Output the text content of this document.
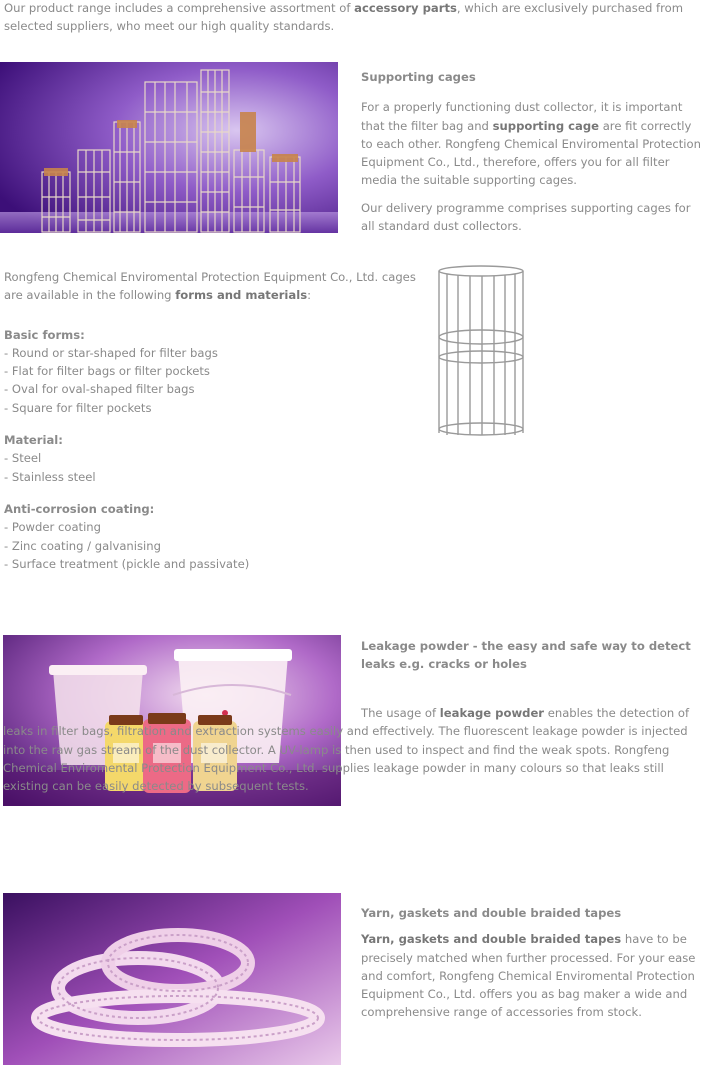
Our product range includes a comprehensive assortment of accessory parts, which are exclusively purchased from selected suppliers, who meet our high quality standards.

Supporting cages

For a properly functioning dust collector, it is important that the filter bag and supporting cage are fit correctly to each other. Rongfeng Chemical Enviromental Protection Equipment Co., Ltd., therefore, offers you for all filter media the suitable supporting cages.

Our delivery programme comprises supporting cages for all standard dust collectors.

Rongfeng Chemical Enviromental Protection Equipment Co., Ltd. cages are available in the following forms and materials:

Basic forms:

- Round or star-shaped for filter bags
- Flat for filter bags or filter pockets
- Oval for oval-shaped filter bags
- Square for filter pockets

Material:

- Steel
- Stainless steel

Anti-corrosion coating:

- Powder coating
- Zinc coating / galvanising
- Surface treatment (pickle and passivate)

Leakage powder - the easy and safe way to detect leaks e.g. cracks or holes

The usage of leakage powder enables the detection of leaks in filter bags, filtration and extraction systems easily and effectively. The fluorescent leakage powder is injected into the raw gas stream of the dust collector. A UV-lamp is then used to inspect and find the weak spots. Rongfeng Chemical Enviromental Protection Equipment Co., Ltd. supplies leakage powder in many colours so that leaks still existing can be easily detected by subsequent tests.

Yarn, gaskets and double braided tapes

Yarn, gaskets and double braided tapes have to be precisely matched when further processed. For your ease and comfort, Rongfeng Chemical Enviromental Protection Equipment Co., Ltd. offers you as bag maker a wide and comprehensive range of accessories from stock.
